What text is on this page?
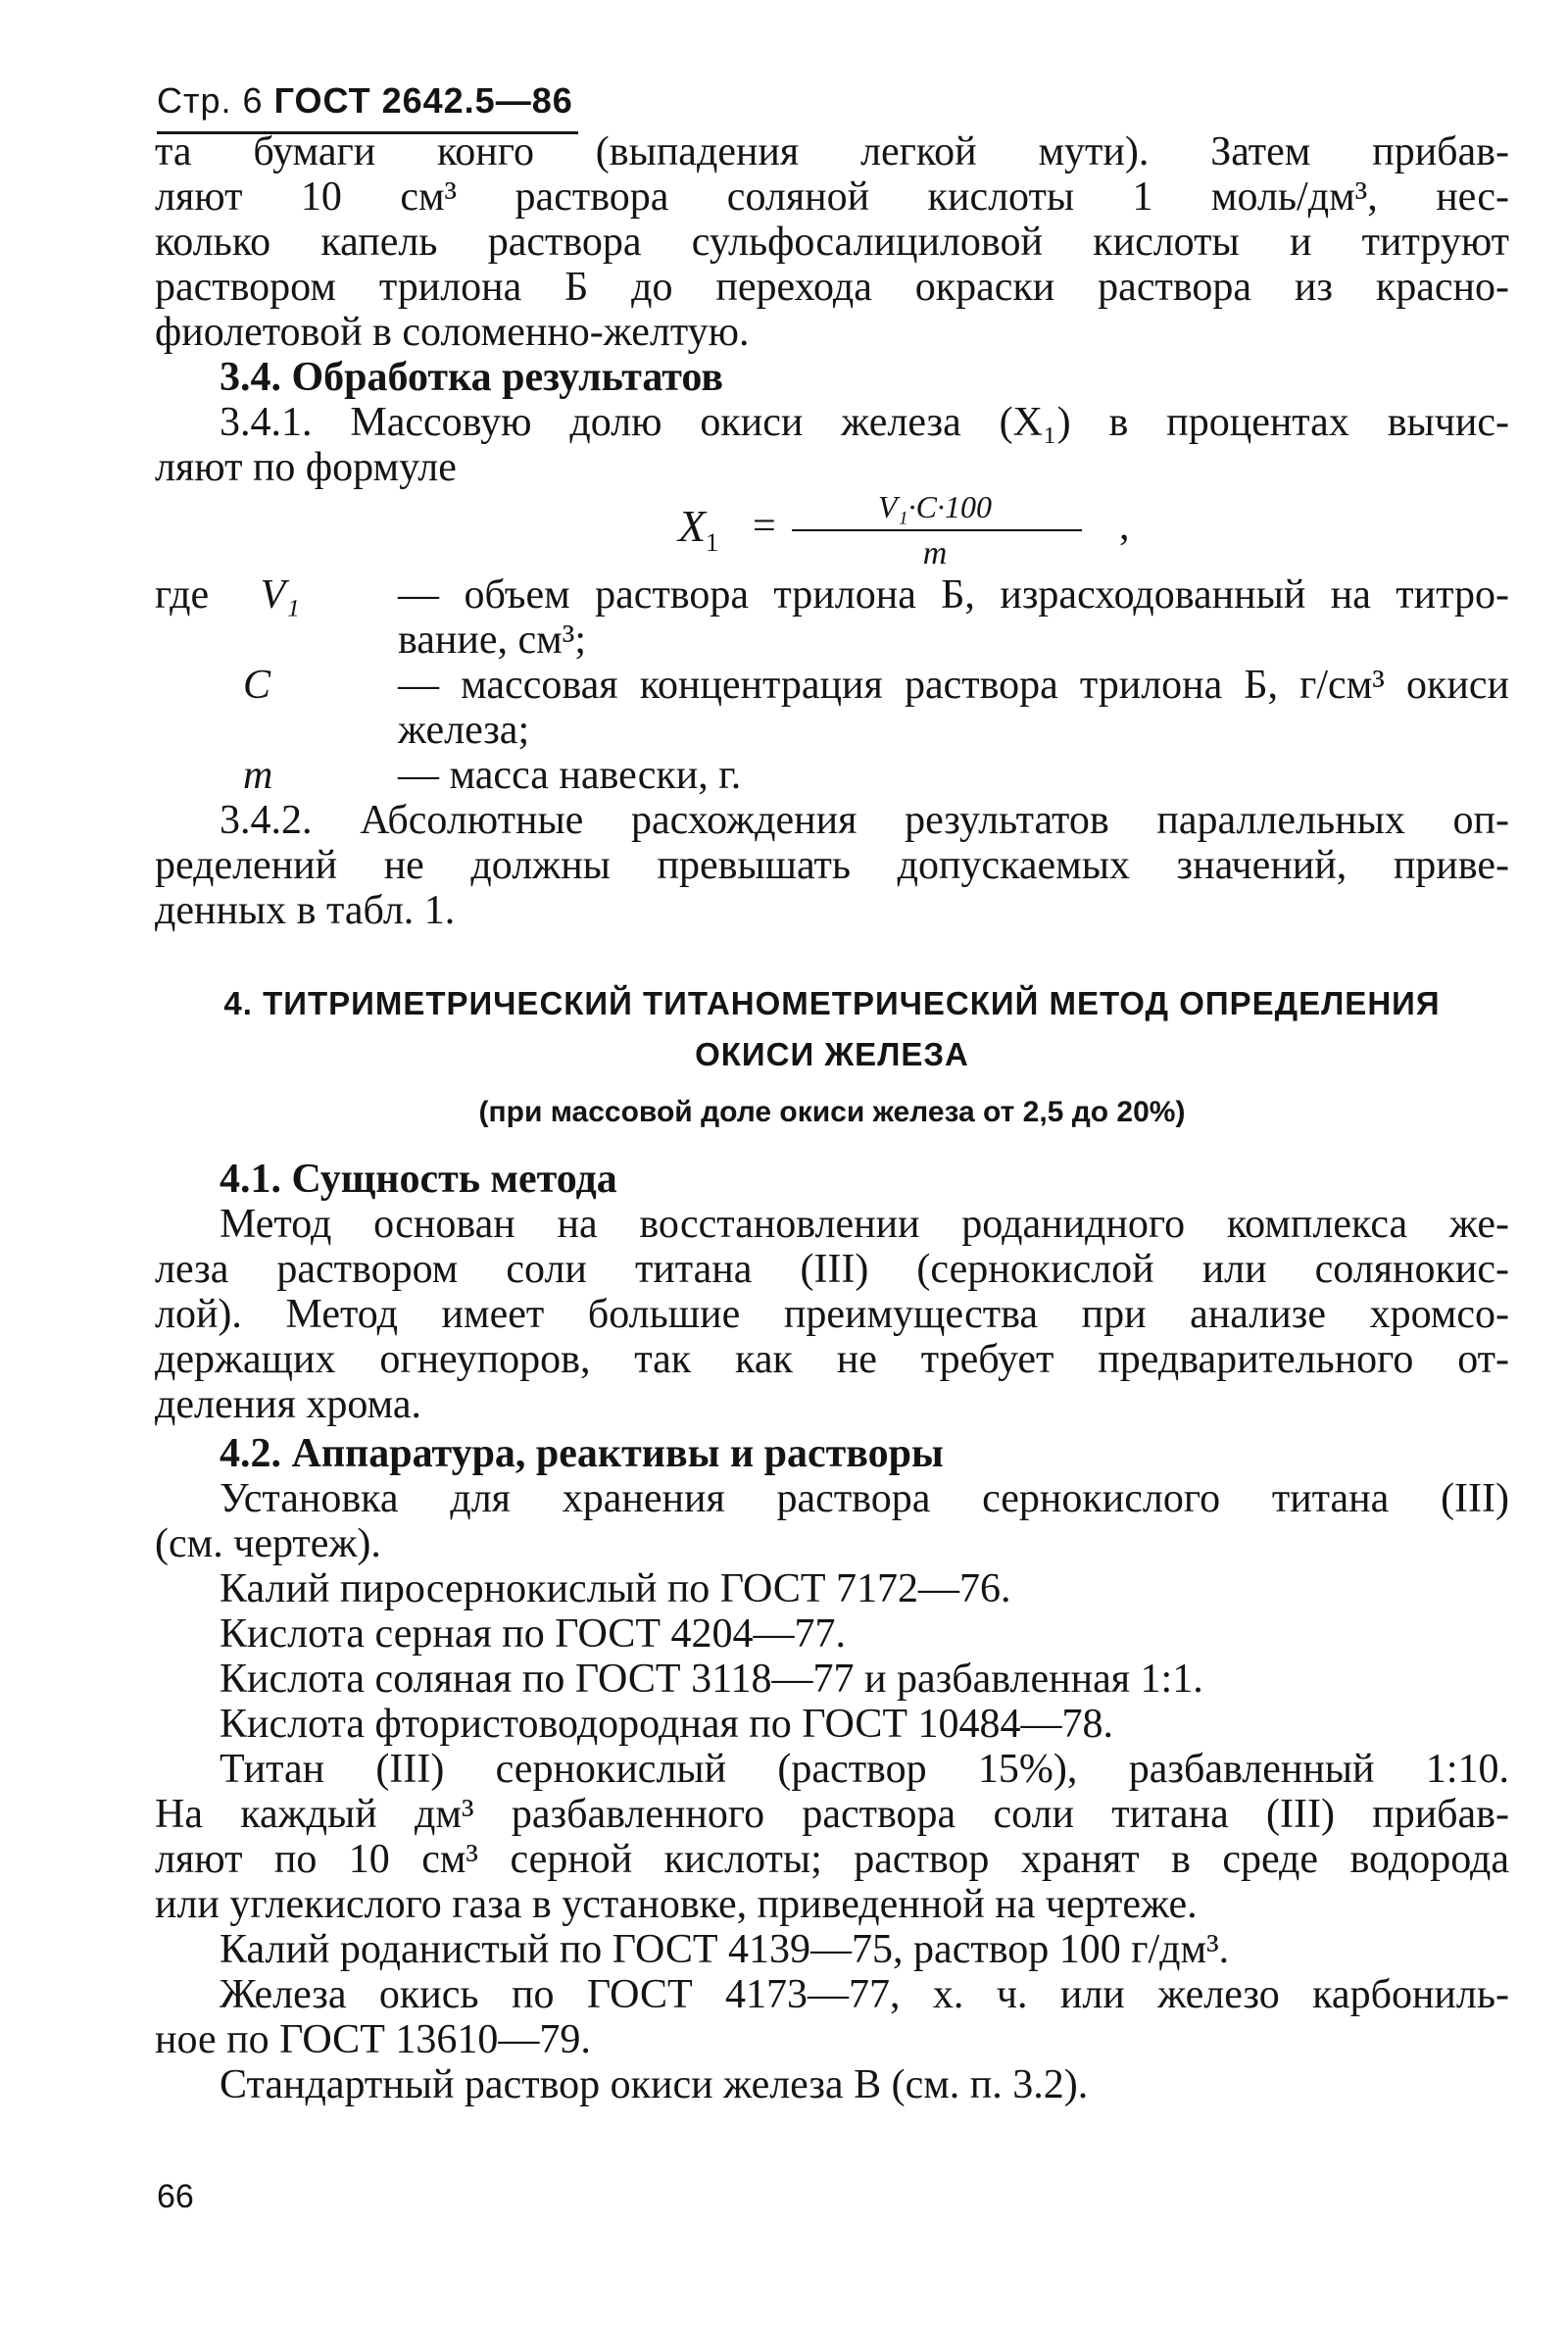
Стр. 6 ГОСТ 2642.5—86

та бумаги конго (выпадения легкой мути). Затем прибав-

ляют 10 см³ раствора соляной кислоты 1 моль/дм³, нес-

колько капель раствора сульфосалициловой кислоты и титруют

раствором трилона Б до перехода окраски раствора из красно-

фиолетовой в соломенно-желтую.

3.4. Обработка результатов

3.4.1. Массовую долю окиси железа (X₁) в процентах вычис-

ляют по формуле

$X_1$ =	V₁·C·100
m
,
где V₁	— объем раствора трилона Б, израсходованный на титро-вание, см³;
C	— массовая концентрация раствора трилона Б, г/см³ окиси железа;
m	— масса навески, г.

3.4.2. Абсолютные расхождения результатов параллельных оп-

ределений не должны превышать допускаемых значений, приве-

денных в табл. 1.

4. ТИТРИМЕТРИЧЕСКИЙ ТИТАНОМЕТРИЧЕСКИЙ МЕТОД ОПРЕДЕЛЕНИЯ

ОКИСИ ЖЕЛЕЗА

(при массовой доле окиси железа от 2,5 до 20%)

4.1. Сущность метода

Метод основан на восстановлении роданидного комплекса же-

леза раствором соли титана (III) (сернокислой или солянокис-

лой). Метод имеет большие преимущества при анализе хромсо-

держащих огнеупоров, так как не требует предварительного от-

деления хрома.

4.2. Аппаратура, реактивы и растворы

Установка для хранения раствора сернокислого титана (III)

(см. чертеж).

Калий пиросернокислый по ГОСТ 7172—76.

Кислота серная по ГОСТ 4204—77.

Кислота соляная по ГОСТ 3118—77 и разбавленная 1:1.

Кислота фтористоводородная по ГОСТ 10484—78.

Титан (III) сернокислый (раствор 15%), разбавленный 1:10.

На каждый дм³ разбавленного раствора соли титана (III) прибав-

ляют по 10 см³ серной кислоты; раствор хранят в среде водорода

или углекислого газа в установке, приведенной на чертеже.

Калий роданистый по ГОСТ 4139—75, раствор 100 г/дм³.

Железа окись по ГОСТ 4173—77, х. ч. или железо карбониль-

ное по ГОСТ 13610—79.

Стандартный раствор окиси железа В (см. п. 3.2).

66
